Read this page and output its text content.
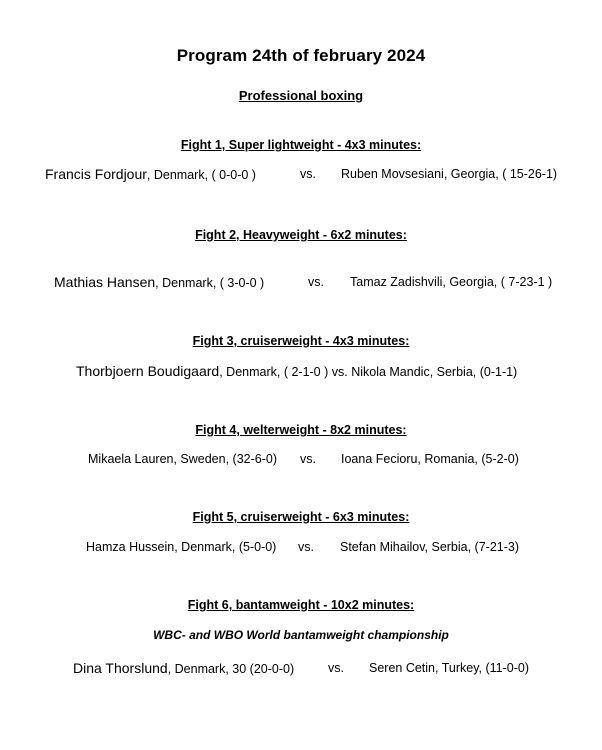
Program 24th of february 2024
Professional boxing
Fight 1, Super lightweight - 4x3 minutes:
Francis Fordjour, Denmark, ( 0-0-0 )	vs. Ruben Movsesiani, Georgia, ( 15-26-1)
Fight 2, Heavyweight - 6x2 minutes:
Mathias Hansen, Denmark, ( 3-0-0 )	vs. Tamaz Zadishvili, Georgia, ( 7-23-1 )
Fight 3, cruiserweight - 4x3 minutes:
Thorbjoern Boudigaard, Denmark, ( 2-1-0 ) vs. Nikola Mandic, Serbia, (0-1-1)
Fight 4, welterweight - 8x2 minutes:
Mikaela Lauren, Sweden, (32-6-0) vs. Ioana Fecioru, Romania, (5-2-0)
Fight 5, cruiserweight - 6x3 minutes:
Hamza Hussein, Denmark, (5-0-0) vs. Stefan Mihailov, Serbia, (7-21-3)
Fight 6, bantamweight - 10x2 minutes:
WBC- and WBO World bantamweight championship
Dina Thorslund, Denmark, 30 (20-0-0)	vs. Seren Cetin, Turkey, (11-0-0)
